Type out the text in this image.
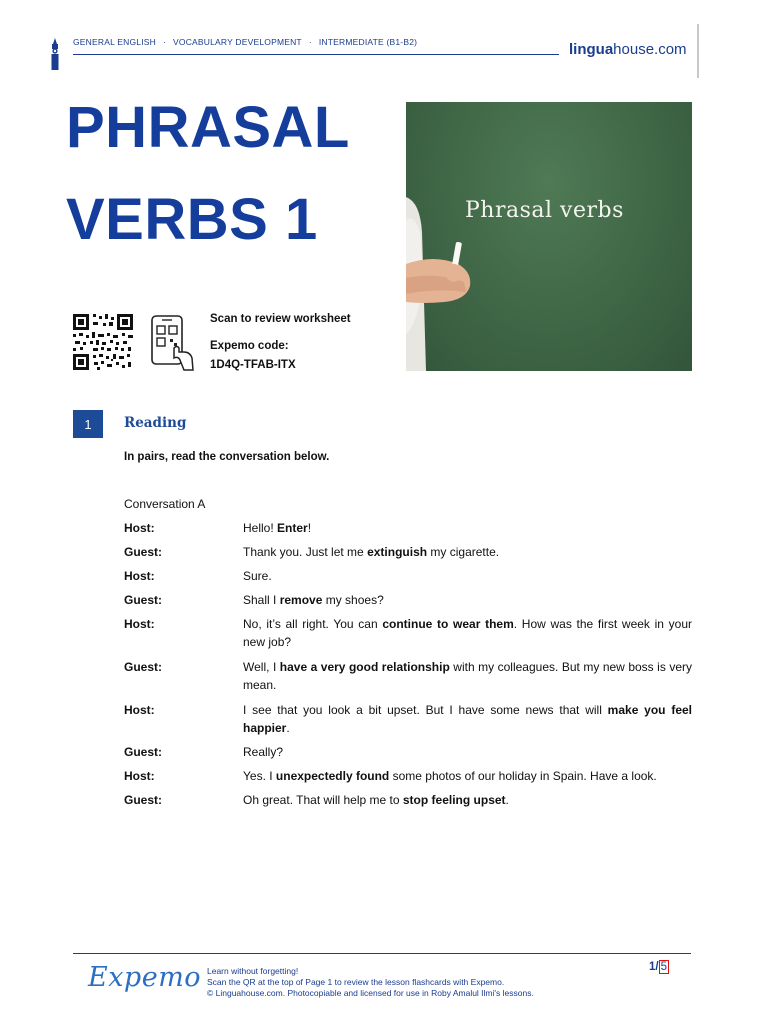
GENERAL ENGLISH · VOCABULARY DEVELOPMENT · INTERMEDIATE (B1-B2)	linguahouse.com
PHRASAL
VERBS 1	Phrasal verbs
Scan to review worksheet
Expemo code:
1D4Q-TFAB-ITX
1	Reading
In pairs, read the conversation below.
Conversation A
Host:	Hello! Enter!
Guest:	Thank you. Just let me extinguish my cigarette.
Host:	Sure.
Guest:	Shall I remove my shoes?
Host:	No, it’s all right. You can continue to wear them. How was the first week in your new job?
Guest:	Well, I have a very good relationship with my colleagues. But my new boss is very mean.
Host:	I see that you look a bit upset. But I have some news that will make you feel happier.
Guest:	Really?
Host:	Yes. I unexpectedly found some photos of our holiday in Spain. Have a look.
Guest:	Oh great. That will help me to stop feeling upset.
Expemo Learn without forgetting!
Scan the QR at the top of Page 1 to review the lesson flashcards with Expemo.
© Linguahouse.com. Photocopiable and licensed for use in Roby Amalul Ilmi's lessons.
1/ 5
